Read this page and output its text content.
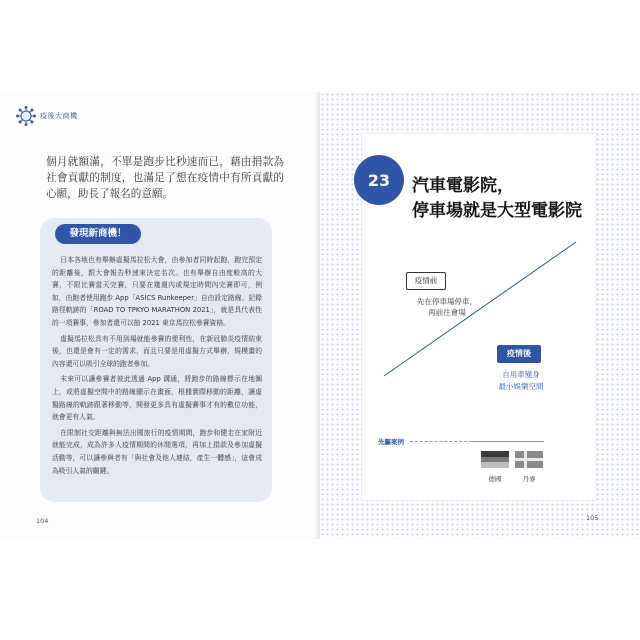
疫後大商機
個月就額滿，不單是跑步比秒速而已，藉由捐款為社會貢獻的制度，也滿足了想在疫情中有所貢獻的心願，助長了報名的意願。
發現新商機！

日本各地也有舉辦虛擬馬拉松大會，由參加者同時起跑，跑完預定的距離後，跟大會報告秒速來決定名次。也有舉辦自由度較高的大賽，不限比賽當天完賽，只要在幾週內或規定時間內完賽即可，例如，由跑者使用跑步 App「ASICS Runkeeper」自由設定路線、記錄路徑軌跡的「ROAD TO TPKYO MARATHON 2021」，就是具代表性的一項賽事，參加者還可以抽 2021 東京馬拉松參賽資格。

虛擬馬拉松具有不用到場就能參賽的便利性，在新冠肺炎疫情結束後，也還是會有一定的需求，而且只要是用虛擬方式舉辦，規模畫的內容還可以吸引全球的跑者參加。

未來可以讓參賽者彼此透過 App 溝通，將跑步的路線標示在地圖上，或將虛擬空間中的路線顯示在畫面，根據實際移動的距離，讓虛擬路線的軌跡跟著移動等，開發更多具有虛擬賽事才有的數位功能，就會更有人氣。

在限制社交距離與無法出國旅行的疫情期間，跑步和健走在家附近就能完成，成為許多人疫情期間的休閒選項，再加上捐款及參加虛擬活動等，可以讓參與者有「與社會及他人連結，產生一體感」，這會成為吸引人氣的關鍵。

104
23	汽車電影院，
停車場就是大型電影院
疫情前
先在停車場停車，
再前往會場
疫情後
自用車變身
最小娛樂空間
先驅案例
德國	丹麥
105
